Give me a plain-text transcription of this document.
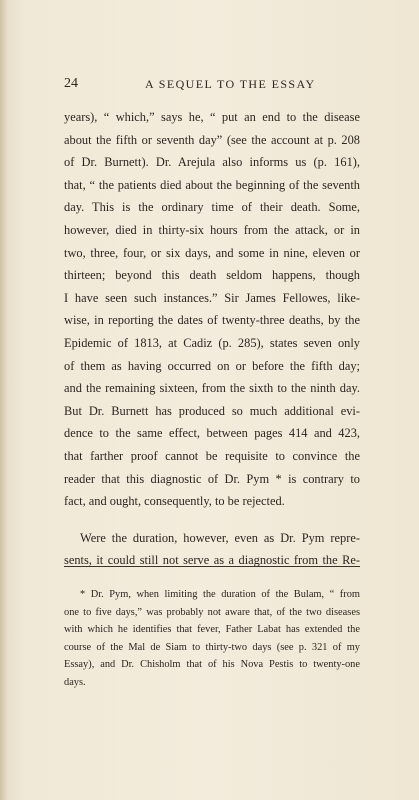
24	A SEQUEL TO THE ESSAY

years), “ which,” says he, “ put an end to the disease
about the fifth or seventh day” (see the account at p. 208
of Dr. Burnett). Dr. Arejula also informs us (p. 161),
that, “ the patients died about the beginning of the seventh
day. This is the ordinary time of their death. Some,
however, died in thirty-six hours from the attack, or in
two, three, four, or six days, and some in nine, eleven or
thirteen; beyond this death seldom happens, though
I have seen such instances.” Sir James Fellowes, like-
wise, in reporting the dates of twenty-three deaths, by the
Epidemic of 1813, at Cadiz (p. 285), states seven only
of them as having occurred on or before the fifth day;
and the remaining sixteen, from the sixth to the ninth day.
But Dr. Burnett has produced so much additional evi-
dence to the same effect, between pages 414 and 423,
that farther proof cannot be requisite to convince the
reader that this diagnostic of Dr. Pym * is contrary to
fact, and ought, consequently, to be rejected.

Were the duration, however, even as Dr. Pym repre-
sents, it could still not serve as a diagnostic from the Re-

* Dr. Pym, when limiting the duration of the Bulam, “ from
one to five days,” was probably not aware that, of the two diseases
with which he identifies that fever, Father Labat has extended the
course of the Mal de Siam to thirty-two days (see p. 321 of my
Essay), and Dr. Chisholm that of his Nova Pestis to twenty-one
days.
